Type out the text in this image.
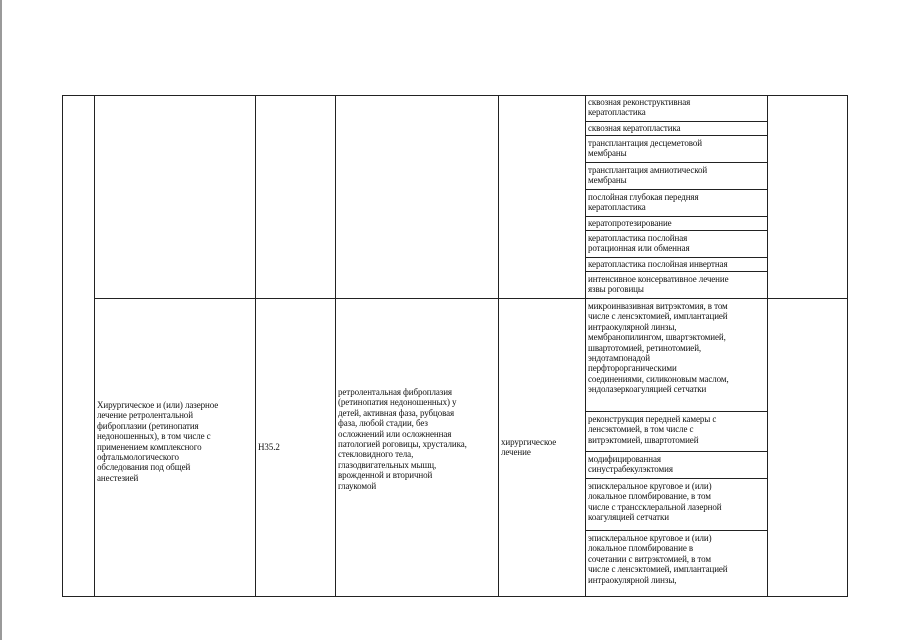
сквозная реконструктивная
кератопластика
сквозная кератопластика
трансплантация десцеметовой
мембраны
трансплантация амниотической
мембраны
послойная глубокая передняя
кератопластика
кератопротезирование
кератопластика послойная
ротационная или обменная
кератопластика послойная инвертная
интенсивное консервативное лечение
язвы роговицы
Хирургическое и (или) лазерное
лечение ретролентальной
фиброплазии (ретинопатия
недоношенных), в том числе с
применением комплексного
офтальмологического
обследования под общей
анестезией
H35.2
ретролентальная фиброплазия
(ретинопатия недоношенных) у
детей, активная фаза, рубцовая
фаза, любой стадии, без
осложнений или осложненная
патологией роговицы, хрусталика,
стекловидного тела,
глазодвигательных мышц,
врожденной и вторичной
глаукомой
хирургическое
лечение
микроинвазивная витрэктомия, в том
числе с ленсэктомией, имплантацией
интраокулярной линзы,
мембранопилингом, швартэктомией,
швартотомией, ретинотомией,
эндотампонадой
перфторорганическими
соединениями, силиконовым маслом,
эндолазеркоагуляцией сетчатки
реконструкция передней камеры с
ленсэктомией, в том числе с
витрэктомией, швартотомией
модифицированная
синустрабекулэктомия
эписклеральное круговое и (или)
локальное пломбирование, в том
числе с транссклеральной лазерной
коагуляцией сетчатки
эписклеральное круговое и (или)
локальное пломбирование в
сочетании с витрэктомией, в том
числе с ленсэктомией, имплантацией
интраокулярной линзы,
